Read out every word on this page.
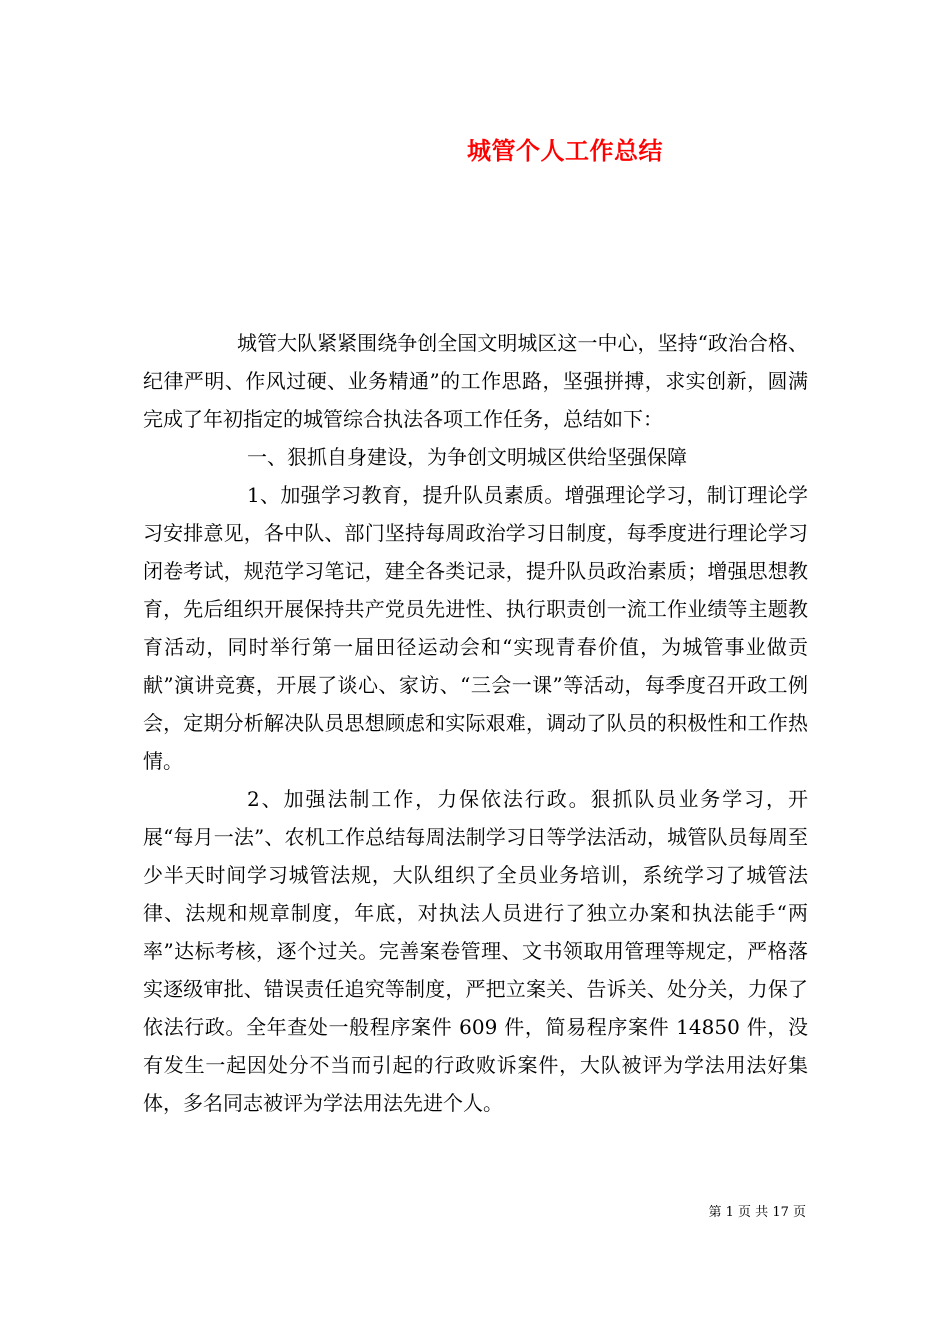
城管个人工作总结

城管大队紧紧围绕争创全国文明城区这一中心，坚持“政治合格、纪律严明、作风过硬、业务精通”的工作思路，坚强拼搏，求实创新，圆满完成了年初指定的城管综合执法各项工作任务，总结如下：

一、狠抓自身建设，为争创文明城区供给坚强保障

1、加强学习教育，提升队员素质。增强理论学习，制订理论学习安排意见，各中队、部门坚持每周政治学习日制度，每季度进行理论学习闭卷考试，规范学习笔记，建全各类记录，提升队员政治素质；增强思想教育，先后组织开展保持共产党员先进性、执行职责创一流工作业绩等主题教育活动，同时举行第一届田径运动会和“实现青春价值，为城管事业做贡献”演讲竞赛，开展了谈心、家访、“三会一课”等活动，每季度召开政工例会，定期分析解决队员思想顾虑和实际艰难，调动了队员的积极性和工作热情。

2、加强法制工作，力保依法行政。狠抓队员业务学习，开展“每月一法”、农机工作总结每周法制学习日等学法活动，城管队员每周至少半天时间学习城管法规，大队组织了全员业务培训，系统学习了城管法律、法规和规章制度，年底，对执法人员进行了独立办案和执法能手“两率”达标考核，逐个过关。完善案卷管理、文书领取用管理等规定，严格落实逐级审批、错误责任追究等制度，严把立案关、告诉关、处分关，力保了依法行政。全年查处一般程序案件 609 件，简易程序案件 14850 件，没有发生一起因处分不当而引起的行政败诉案件，大队被评为学法用法好集体，多名同志被评为学法用法先进个人。

第 1 页 共 17 页
